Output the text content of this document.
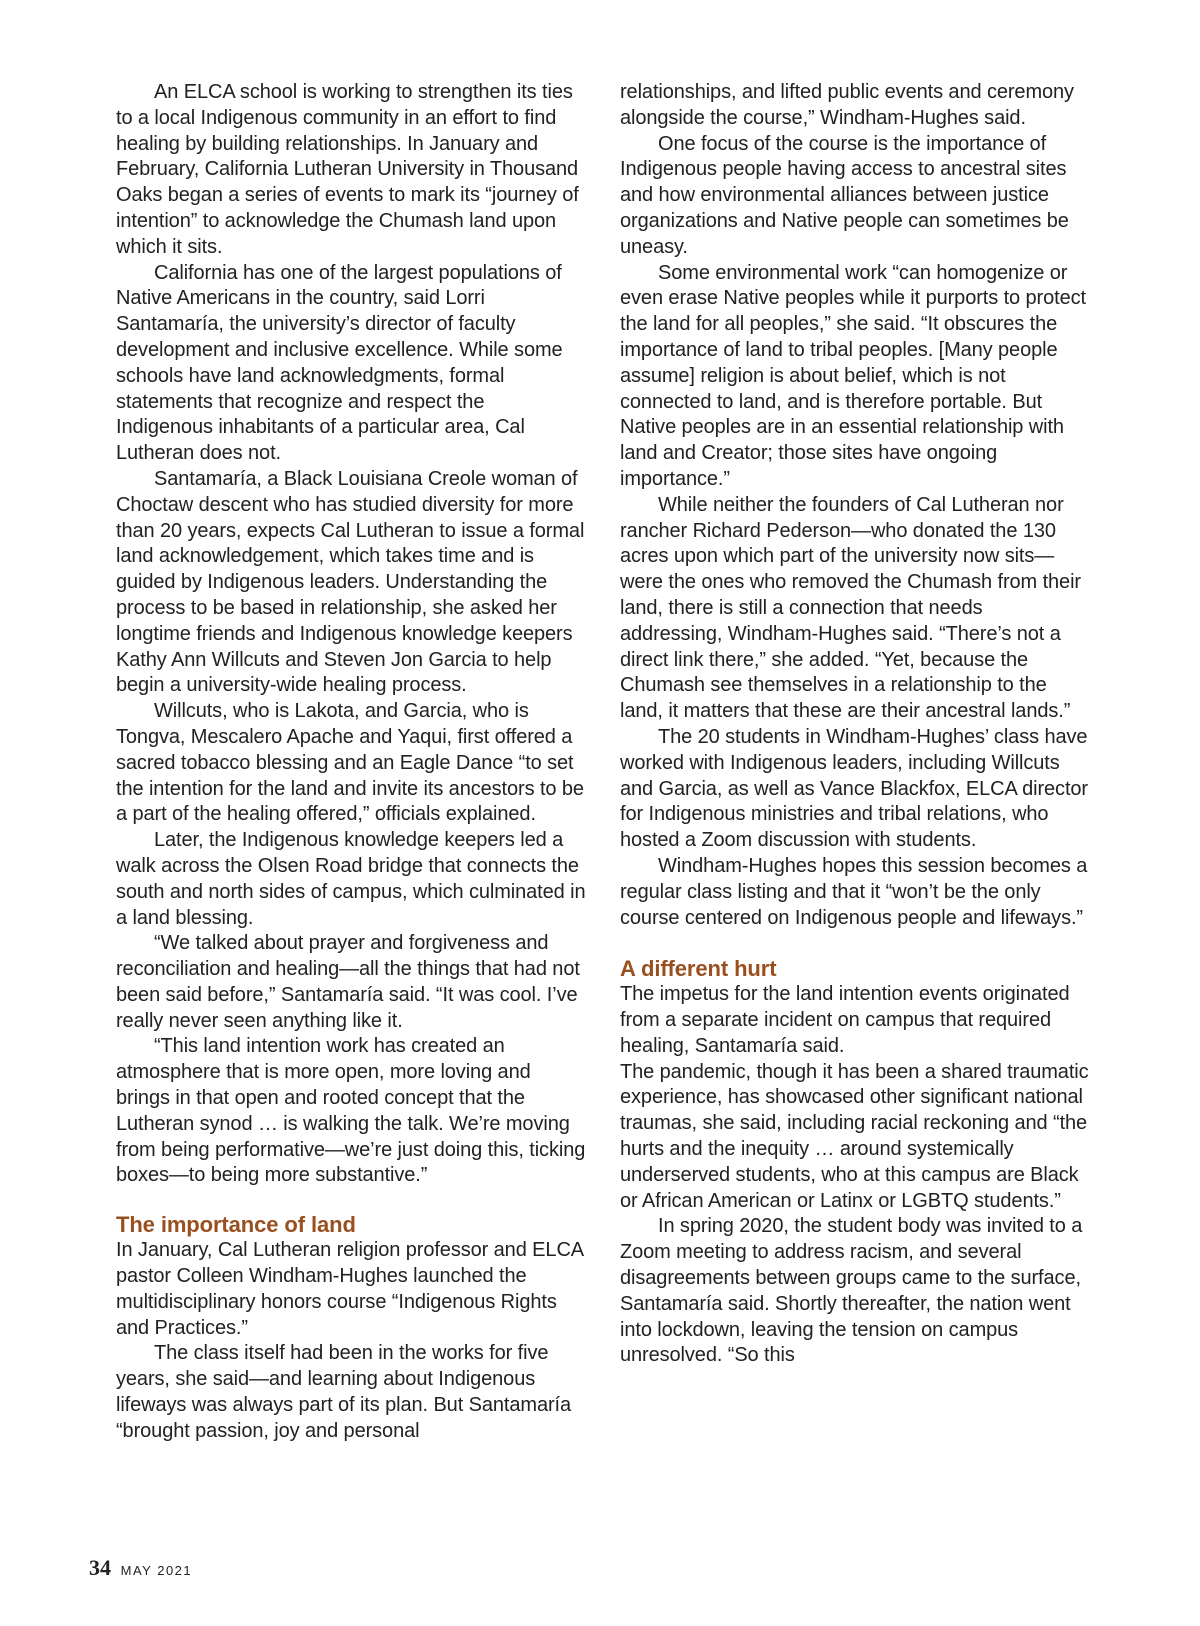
An ELCA school is working to strengthen its ties to a local Indigenous community in an effort to find healing by building relationships. In January and February, California Lutheran University in Thousand Oaks began a series of events to mark its “journey of intention” to acknowledge the Chumash land upon which it sits.

California has one of the largest populations of Native Americans in the country, said Lorri Santamaría, the university’s director of faculty development and inclusive excellence. While some schools have land acknowledgments, formal statements that recognize and respect the Indigenous inhabitants of a particular area, Cal Lutheran does not.

Santamaría, a Black Louisiana Creole woman of Choctaw descent who has studied diversity for more than 20 years, expects Cal Lutheran to issue a formal land acknowledgement, which takes time and is guided by Indigenous leaders. Understanding the process to be based in relationship, she asked her longtime friends and Indigenous knowledge keepers Kathy Ann Willcuts and Steven Jon Garcia to help begin a university-wide healing process.

Willcuts, who is Lakota, and Garcia, who is Tongva, Mescalero Apache and Yaqui, first offered a sacred tobacco blessing and an Eagle Dance “to set the intention for the land and invite its ancestors to be a part of the healing offered,” officials explained.

Later, the Indigenous knowledge keepers led a walk across the Olsen Road bridge that connects the south and north sides of campus, which culminated in a land blessing.

“We talked about prayer and forgiveness and reconciliation and healing—all the things that had not been said before,” Santamaría said. “It was cool. I’ve really never seen anything like it.

“This land intention work has created an atmosphere that is more open, more loving and brings in that open and rooted concept that the Lutheran synod … is walking the talk. We’re moving from being performative—we’re just doing this, ticking boxes—to being more substantive.”

The importance of land

In January, Cal Lutheran religion professor and ELCA pastor Colleen Windham-Hughes launched the multidisciplinary honors course “Indigenous Rights and Practices.”

The class itself had been in the works for five years, she said—and learning about Indigenous lifeways was always part of its plan. But Santamaría “brought passion, joy and personal

relationships, and lifted public events and ceremony alongside the course,” Windham-Hughes said.

One focus of the course is the importance of Indigenous people having access to ancestral sites and how environmental alliances between justice organizations and Native people can sometimes be uneasy.

Some environmental work “can homogenize or even erase Native peoples while it purports to protect the land for all peoples,” she said. “It obscures the importance of land to tribal peoples. [Many people assume] religion is about belief, which is not connected to land, and is therefore portable. But Native peoples are in an essential relationship with land and Creator; those sites have ongoing importance.”

While neither the founders of Cal Lutheran nor rancher Richard Pederson—who donated the 130 acres upon which part of the university now sits—were the ones who removed the Chumash from their land, there is still a connection that needs addressing, Windham-Hughes said. “There’s not a direct link there,” she added. “Yet, because the Chumash see themselves in a relationship to the land, it matters that these are their ancestral lands.”

The 20 students in Windham-Hughes’ class have worked with Indigenous leaders, including Willcuts and Garcia, as well as Vance Blackfox, ELCA director for Indigenous ministries and tribal relations, who hosted a Zoom discussion with students.

Windham-Hughes hopes this session becomes a regular class listing and that it “won’t be the only course centered on Indigenous people and lifeways.”

A different hurt

The impetus for the land intention events originated from a separate incident on campus that required healing, Santamaría said.

The pandemic, though it has been a shared traumatic experience, has showcased other significant national traumas, she said, including racial reckoning and “the hurts and the inequity … around systemically underserved students, who at this campus are Black or African American or Latinx or LGBTQ students.”

In spring 2020, the student body was invited to a Zoom meeting to address racism, and several disagreements between groups came to the surface, Santamaría said. Shortly thereafter, the nation went into lockdown, leaving the tension on campus unresolved. “So this

34 MAY 2021
